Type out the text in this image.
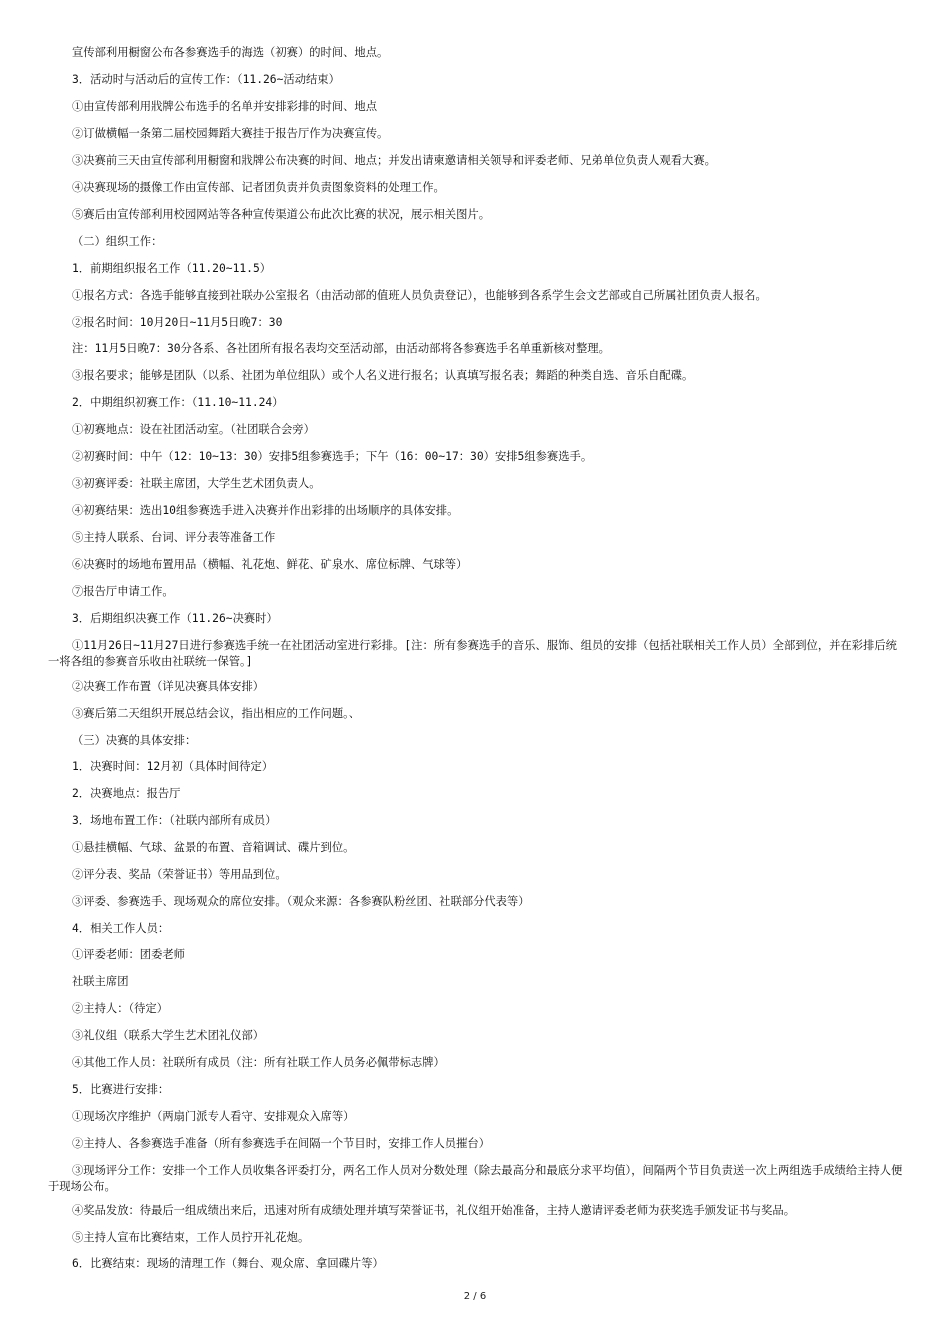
宣传部利用橱窗公布各参赛选手的海选（初赛）的时间、地点。
3．活动时与活动后的宣传工作：（11.26~活动结束）
①由宣传部利用戕牌公布选手的名单并安排彩排的时间、地点
②订做横幅一条第二届校园舞蹈大赛挂于报告厅作为决赛宣传。
③决赛前三天由宣传部利用橱窗和戕牌公布决赛的时间、地点；并发出请柬邀请相关领导和评委老师、兄弟单位负责人观看大赛。
④决赛现场的摄像工作由宣传部、记者团负责并负责图象资料的处理工作。
⑤赛后由宣传部利用校园网站等各种宣传渠道公布此次比赛的状况，展示相关图片。
（二）组织工作：
1．前期组织报名工作（11.20~11.5）
①报名方式：各选手能够直接到社联办公室报名（由活动部的值班人员负责登记），也能够到各系学生会文艺部或自己所属社团负责人报名。
②报名时间：10月20日~11月5日晚7：30
注：11月5日晚7：30分各系、各社团所有报名表均交至活动部，由活动部将各参赛选手名单重新核对整理。
③报名要求；能够是团队（以系、社团为单位组队）或个人名义进行报名；认真填写报名表；舞蹈的种类自选、音乐自配碟。
2．中期组织初赛工作：（11.10~11.24）
①初赛地点：设在社团活动室。（社团联合会旁）
②初赛时间：中午（12：10~13：30）安排5组参赛选手；下午（16：00~17：30）安排5组参赛选手。
③初赛评委：社联主席团，大学生艺术团负责人。
④初赛结果：选出10组参赛选手进入决赛并作出彩排的出场顺序的具体安排。
⑤主持人联系、台词、评分表等准备工作
⑥决赛时的场地布置用品（横幅、礼花炮、鲜花、矿泉水、席位标牌、气球等）
⑦报告厅申请工作。
3．后期组织决赛工作（11.26~决赛时）
①11月26日~11月27日进行参赛选手统一在社团活动室进行彩排。[注：所有参赛选手的音乐、服饰、组员的安排（包括社联相关工作人员）全部到位，并在彩排后统一将各组的参赛音乐收由社联统一保管。]
②决赛工作布置（详见决赛具体安排）
③赛后第二天组织开展总结会议，指出相应的工作问题。、
（三）决赛的具体安排：
1．决赛时间：12月初（具体时间待定）
2．决赛地点：报告厅
3．场地布置工作：（社联内部所有成员）
①悬挂横幅、气球、盆景的布置、音箱调试、碟片到位。
②评分表、奖品（荣誉证书）等用品到位。
③评委、参赛选手、现场观众的席位安排。（观众来源：各参赛队粉丝团、社联部分代表等）
4．相关工作人员：
①评委老师：团委老师
社联主席团
②主持人：（待定）
③礼仪组（联系大学生艺术团礼仪部）
④其他工作人员：社联所有成员（注：所有社联工作人员务必佩带标志牌）
5．比赛进行安排：
①现场次序维护（两扇门派专人看守、安排观众入席等）
②主持人、各参赛选手准备（所有参赛选手在间隔一个节目时，安排工作人员摧台）
③现场评分工作：安排一个工作人员收集各评委打分，两名工作人员对分数处理（除去最高分和最底分求平均值），间隔两个节目负责送一次上两组选手成绩给主持人便于现场公布。
④奖品发放：待最后一组成绩出来后，迅速对所有成绩处理并填写荣誉证书，礼仪组开始准备，主持人邀请评委老师为获奖选手颁发证书与奖品。
⑤主持人宣布比赛结束，工作人员拧开礼花炮。
6．比赛结束：现场的清理工作（舞台、观众席、拿回碟片等）
2 / 6
